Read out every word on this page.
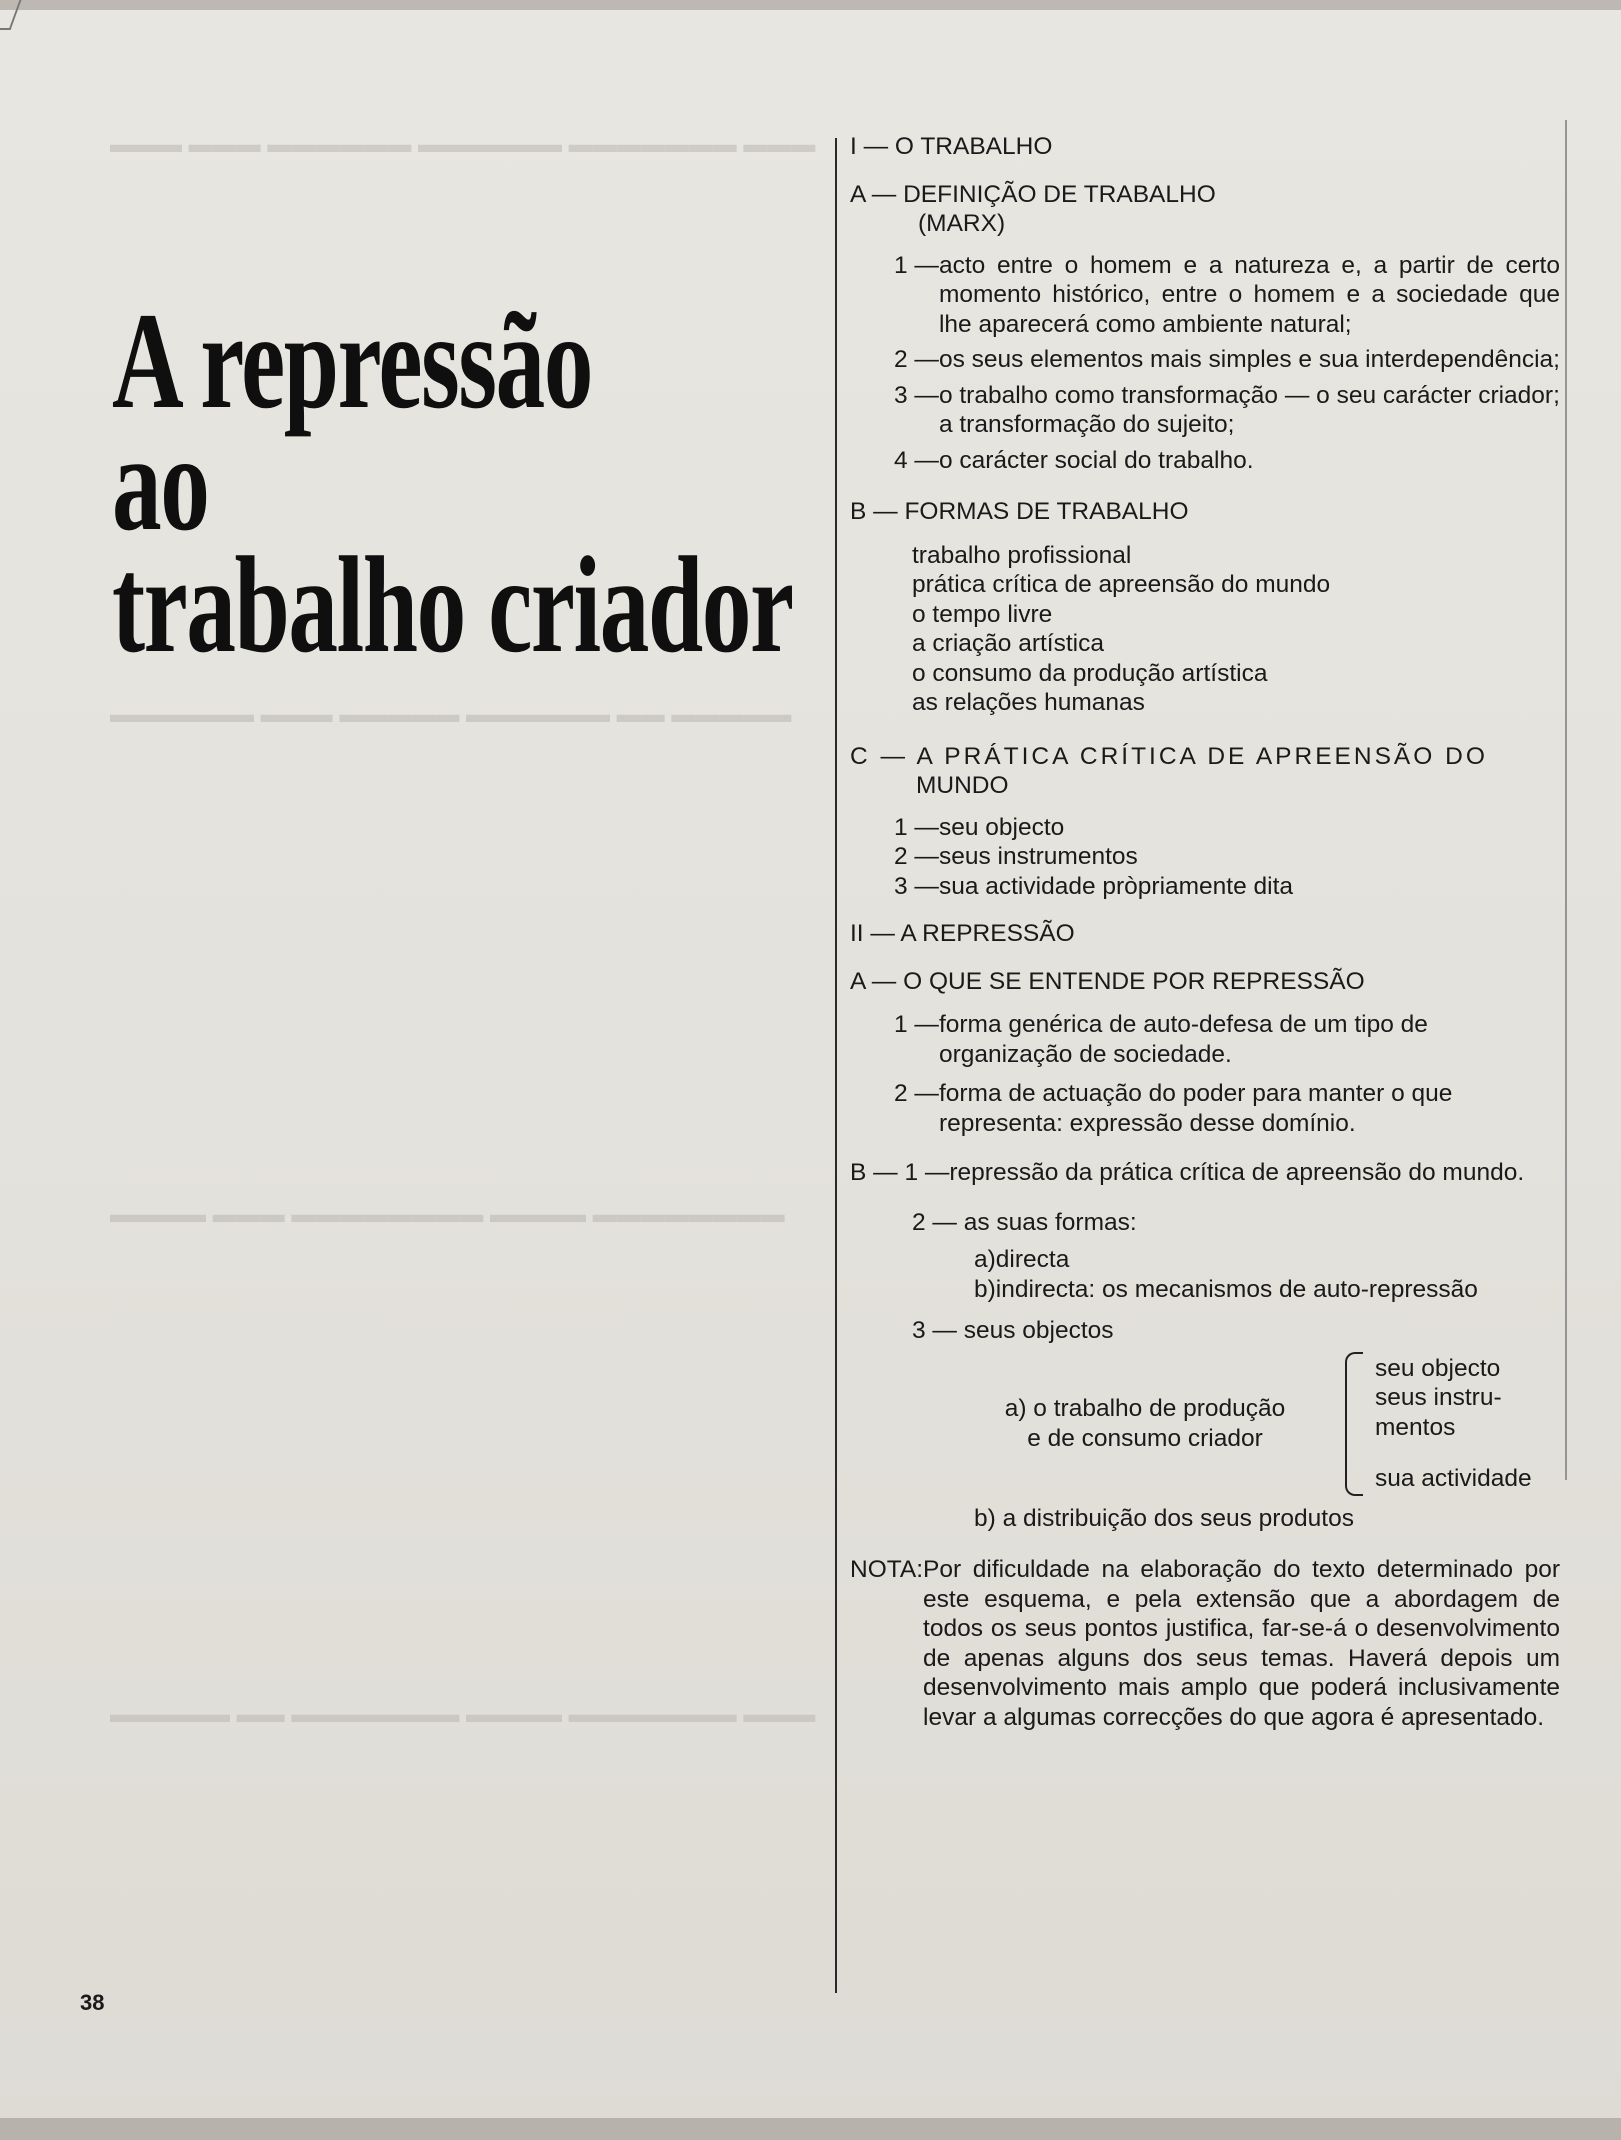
▬▬▬ ▬▬▬▬▬▬▬ ▬▬▬▬▬▬ ▬▬▬▬▬▬ ▬▬▬ ▬▬▬
▬▬▬▬▬ ▬▬ ▬▬▬▬▬▬ ▬▬▬▬▬ ▬▬▬ ▬▬▬▬▬▬
▬▬▬▬▬▬▬▬ ▬▬▬▬ ▬▬▬▬▬▬▬▬ ▬▬▬ ▬▬▬▬
▬▬▬ ▬▬▬▬▬▬▬ ▬▬▬▬ ▬▬▬▬▬▬▬ ▬▬ ▬▬▬▬▬
A repressão
ao
trabalho criador
I — O TRABALHO
A — DEFINIÇÃO DE TRABALHO
(MARX)
1 — acto entre o homem e a natureza e, a partir de certo momento histórico, entre o homem e a sociedade que lhe aparecerá como ambiente natural;
2 — os seus elementos mais simples e sua interdependência;
3 — o trabalho como transformação — o seu carácter criador; a transformação do sujeito;
4 — o carácter social do trabalho.
B — FORMAS DE TRABALHO
trabalho profissional
prática crítica de apreensão do mundo
o tempo livre
a criação artística
o consumo da produção artística
as relações humanas
C — A PRÁTICA CRÍTICA DE APREENSÃO DO
MUNDO
1 — seu objecto
2 — seus instrumentos
3 — sua actividade pròpriamente dita
II — A REPRESSÃO
A — O QUE SE ENTENDE POR REPRESSÃO
1 — forma genérica de auto-defesa de um tipo de organização de sociedade.
2 — forma de actuação do poder para manter o que representa: expressão desse domínio.
B — 1 — repressão da prática crítica de apreensão do mundo.
2 — as suas formas:
a) directa
b) indirecta: os mecanismos de auto-repressão
3 — seus objectos
a) o trabalho de produção
e de consumo criador
seu objecto
seus instru-
mentos
sua actividade
b) a distribuição dos seus produtos
NOTA: Por dificuldade na elaboração do texto determinado por este esquema, e pela extensão que a abordagem de todos os seus pontos justifica, far-se-á o desenvolvimento de apenas alguns dos seus temas. Haverá depois um desenvolvimento mais amplo que poderá inclusivamente levar a algumas correcções do que agora é apresentado.
38
